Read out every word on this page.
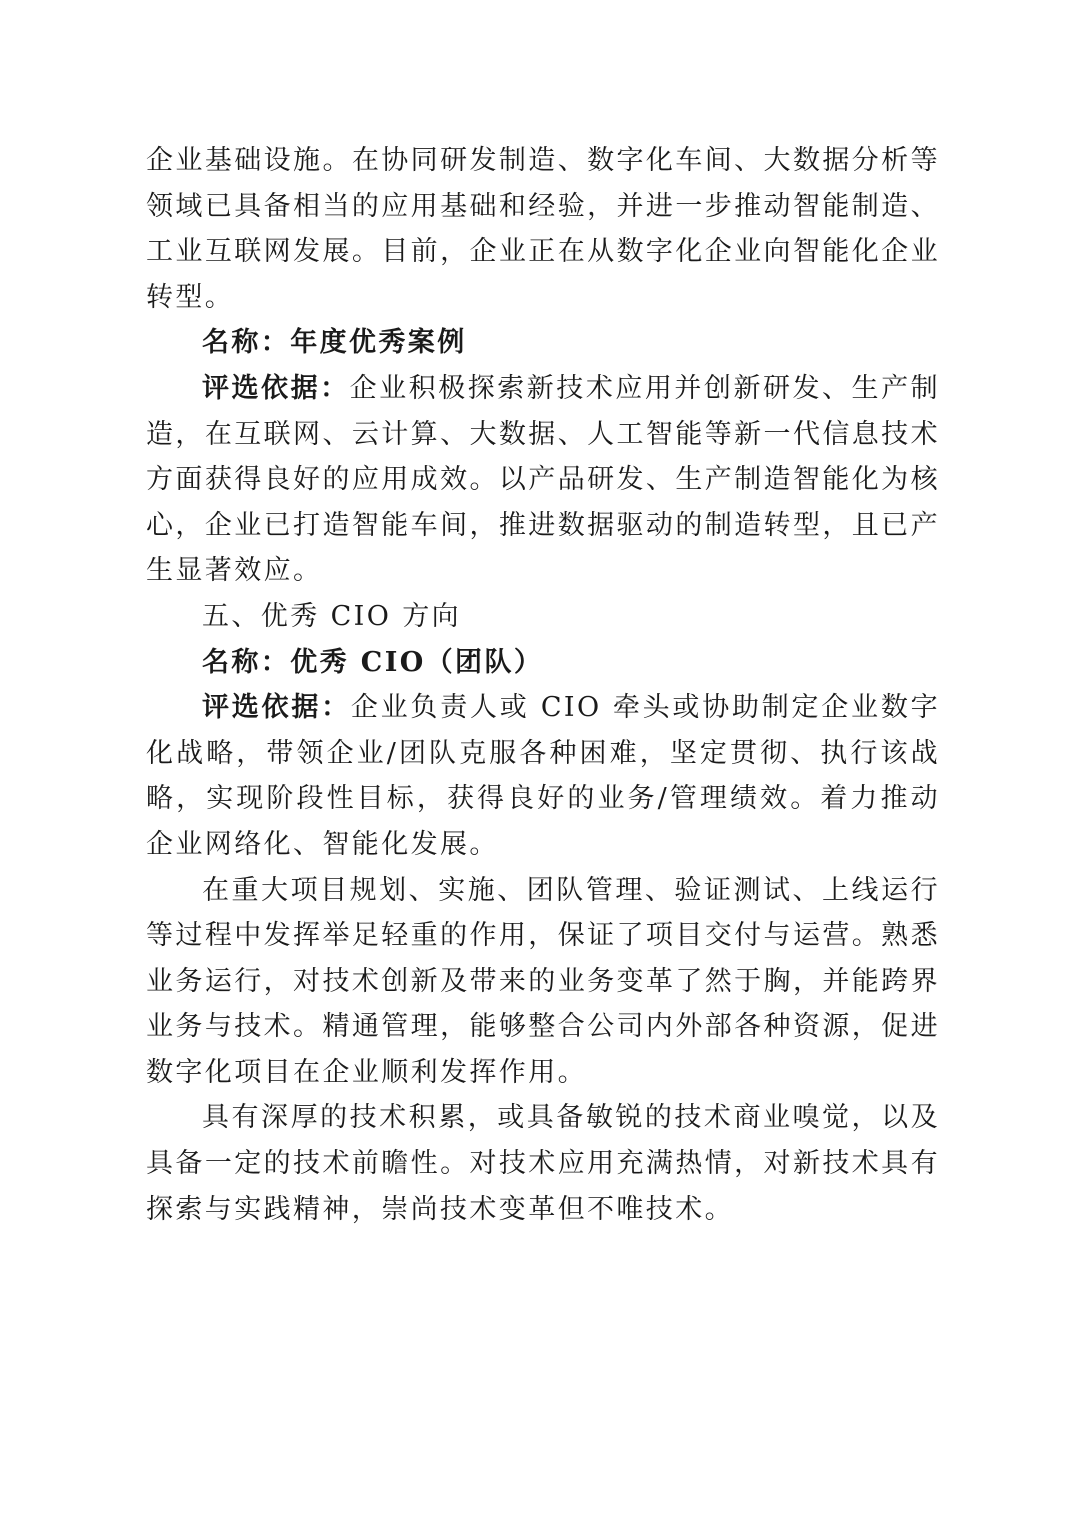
企业基础设施。在协同研发制造、数字化车间、大数据分析等领域已具备相当的应用基础和经验，并进一步推动智能制造、工业互联网发展。目前，企业正在从数字化企业向智能化企业转型。

名称：年度优秀案例

评选依据：企业积极探索新技术应用并创新研发、生产制造，在互联网、云计算、大数据、人工智能等新一代信息技术方面获得良好的应用成效。以产品研发、生产制造智能化为核心，企业已打造智能车间，推进数据驱动的制造转型，且已产生显著效应。

五、优秀 CIO 方向

名称：优秀 CIO（团队）

评选依据：企业负责人或 CIO 牵头或协助制定企业数字化战略，带领企业/团队克服各种困难，坚定贯彻、执行该战略，实现阶段性目标，获得良好的业务/管理绩效。着力推动企业网络化、智能化发展。

在重大项目规划、实施、团队管理、验证测试、上线运行等过程中发挥举足轻重的作用，保证了项目交付与运营。熟悉业务运行，对技术创新及带来的业务变革了然于胸，并能跨界业务与技术。精通管理，能够整合公司内外部各种资源，促进数字化项目在企业顺利发挥作用。

具有深厚的技术积累，或具备敏锐的技术商业嗅觉，以及具备一定的技术前瞻性。对技术应用充满热情，对新技术具有探索与实践精神，崇尚技术变革但不唯技术。
